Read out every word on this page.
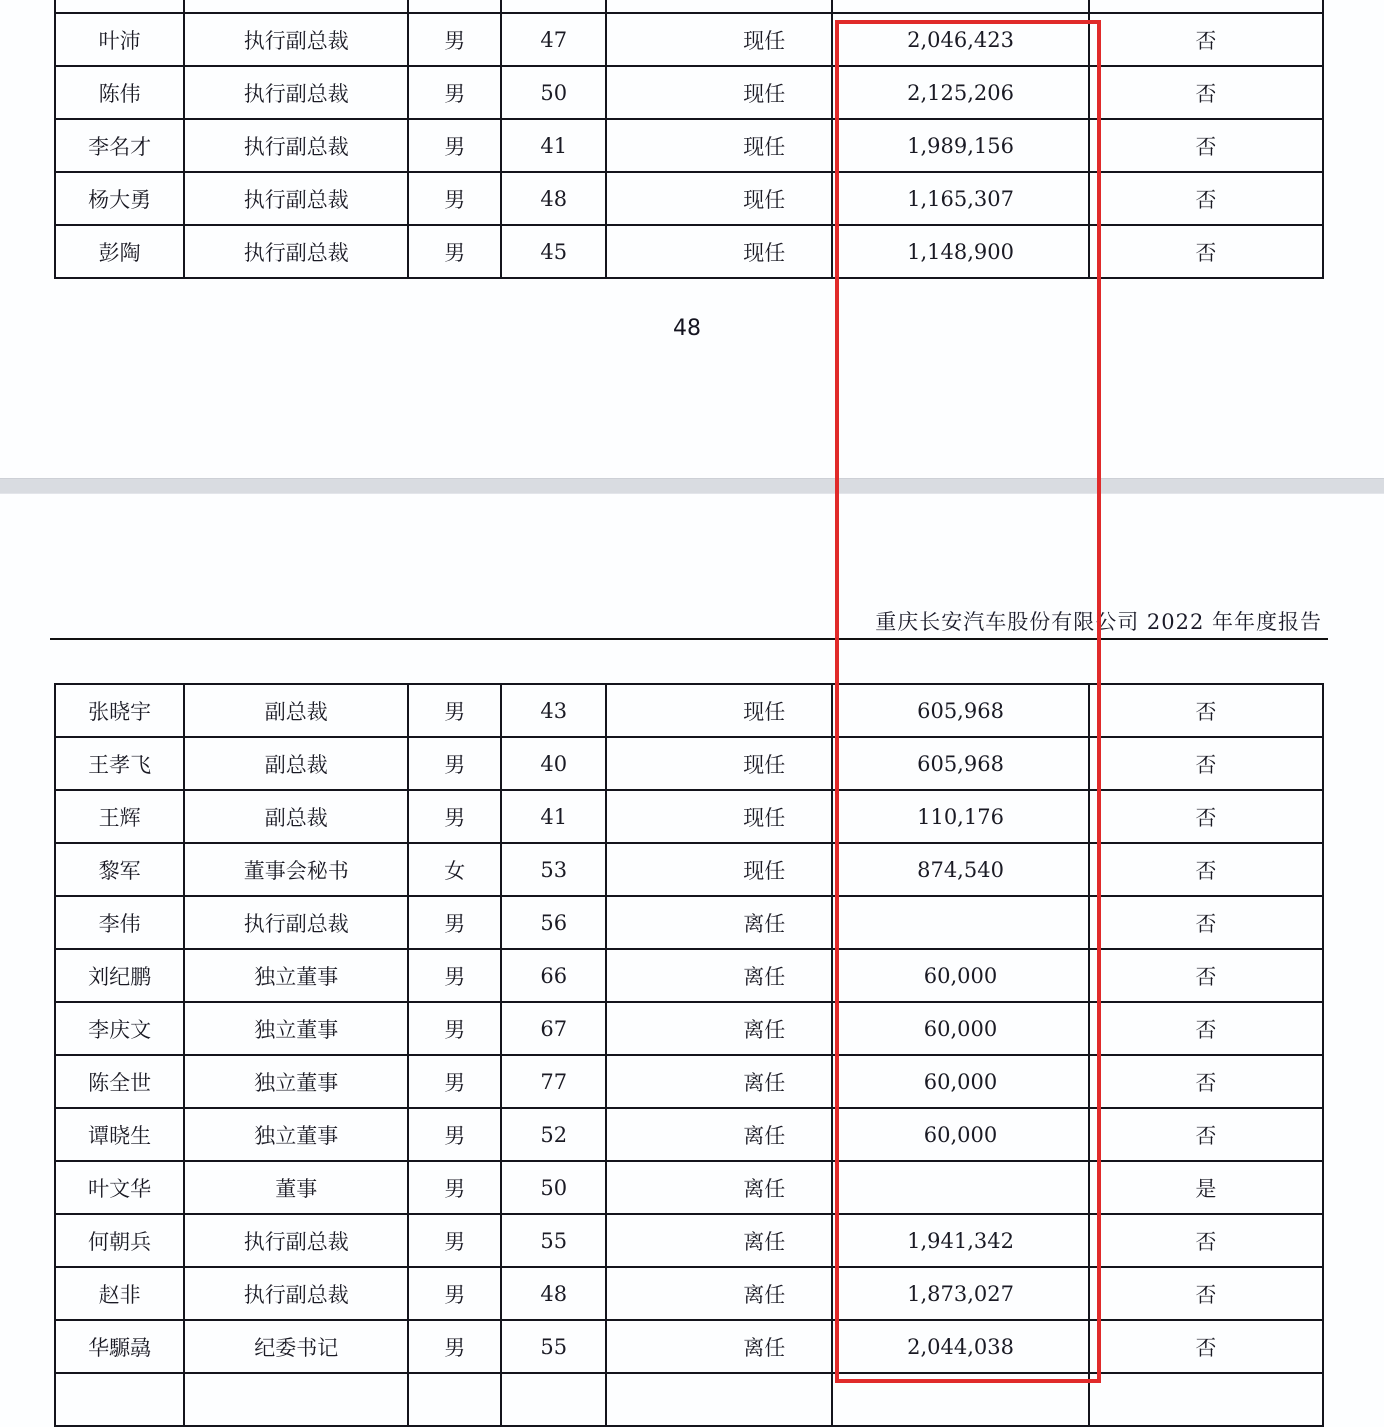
叶沛	执行副总裁	男	47	现任	2,046,423	否
陈伟	执行副总裁	男	50	现任	2,125,206	否
李名才	执行副总裁	男	41	现任	1,989,156	否
杨大勇	执行副总裁	男	48	现任	1,165,307	否
彭陶	执行副总裁	男	45	现任	1,148,900	否
48
重庆长安汽车股份有限公司 2022 年年度报告
张晓宇	副总裁	男	43	现任	605,968	否
王孝飞	副总裁	男	40	现任	605,968	否
王辉	副总裁	男	41	现任	110,176	否
黎军	董事会秘书	女	53	现任	874,540	否
李伟	执行副总裁	男	56	离任		否
刘纪鹏	独立董事	男	66	离任	60,000	否
李庆文	独立董事	男	67	离任	60,000	否
陈全世	独立董事	男	77	离任	60,000	否
谭晓生	独立董事	男	52	离任	60,000	否
叶文华	董事	男	50	离任		是
何朝兵	执行副总裁	男	55	离任	1,941,342	否
赵非	执行副总裁	男	48	离任	1,873,027	否
华騵骉	纪委书记	男	55	离任	2,044,038	否
